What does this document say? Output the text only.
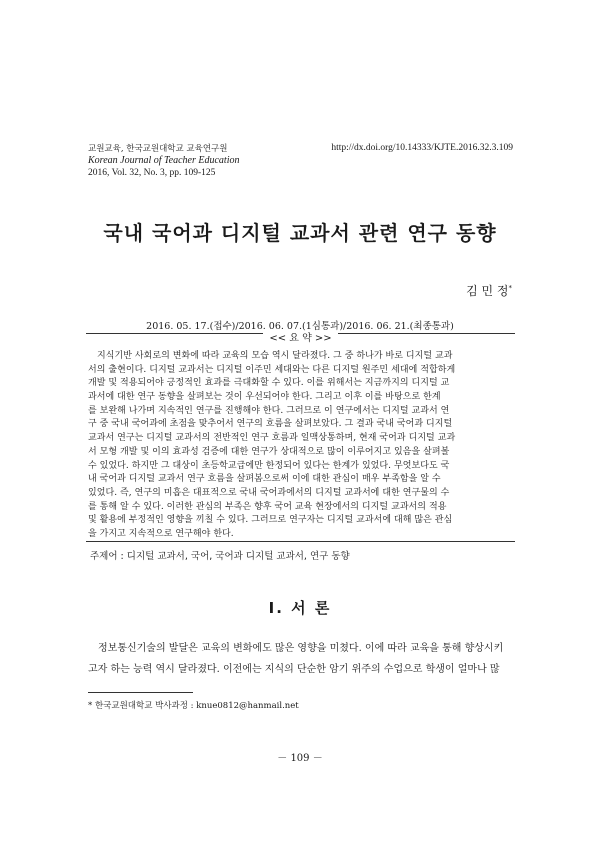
교원교육, 한국교원대학교 교육연구원
Korean Journal of Teacher Education
2016, Vol. 32, No. 3, pp. 109-125
http://dx.doi.org/10.14333/KJTE.2016.32.3.109
국내 국어과 디지털 교과서 관련 연구 동향
김 민 정*
2016. 05. 17.(접수)/2016. 06. 07.(1심통과)/2016. 06. 21.(최종통과)
<< 요 약 >>
지식기반 사회로의 변화에 따라 교육의 모습 역시 달라졌다. 그 중 하나가 바로 디지털 교과
서의 출현이다. 디지털 교과서는 디지털 이주민 세대와는 다른 디지털 원주민 세대에 적합하게
개발 및 적용되어야 긍정적인 효과를 극대화할 수 있다. 이를 위해서는 지금까지의 디지털 교
과서에 대한 연구 동향을 살펴보는 것이 우선되어야 한다. 그리고 이후 이를 바탕으로 한계
를 보완해 나가며 지속적인 연구를 진행해야 한다. 그러므로 이 연구에서는 디지털 교과서 연
구 중 국내 국어과에 초점을 맞추어서 연구의 흐름을 살펴보았다. 그 결과 국내 국어과 디지털
교과서 연구는 디지털 교과서의 전반적인 연구 흐름과 일맥상통하며, 현재 국어과 디지털 교과
서 모형 개발 및 이의 효과성 검증에 대한 연구가 상대적으로 많이 이루어지고 있음을 살펴볼
수 있었다. 하지만 그 대상이 초등학교급에만 한정되어 있다는 한계가 있었다. 무엇보다도 국
내 국어과 디지털 교과서 연구 흐름을 살펴봄으로써 이에 대한 관심이 매우 부족함을 알 수
있었다. 즉, 연구의 미흡은 대표적으로 국내 국어과에서의 디지털 교과서에 대한 연구물의 수
를 통해 알 수 있다. 이러한 관심의 부족은 향후 국어 교육 현장에서의 디지털 교과서의 적용
및 활용에 부정적인 영향을 끼칠 수 있다. 그러므로 연구자는 디지털 교과서에 대해 많은 관심
을 가지고 지속적으로 연구해야 한다.
주제어 : 디지털 교과서, 국어, 국어과 디지털 교과서, 연구 동향
Ⅰ. 서 론
정보통신기술의 발달은 교육의 변화에도 많은 영향을 미쳤다. 이에 따라 교육을 통해 향상시키
고자 하는 능력 역시 달라졌다. 이전에는 지식의 단순한 암기 위주의 수업으로 학생이 얼마나 많
* 한국교원대학교 박사과정 : knue0812@hanmail.net
－ 109 －
